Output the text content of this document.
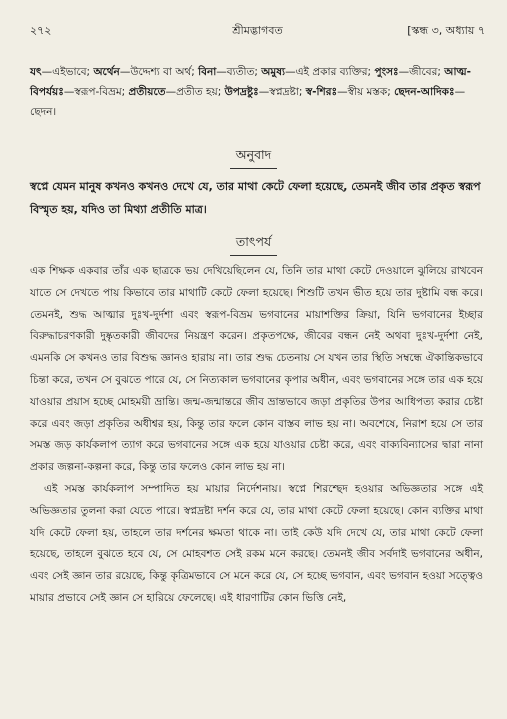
২৭২	শ্রীমদ্ভাগবত	[স্কন্ধ ৩, অধ্যায় ৭
যৎ—এইভাবে; অর্থেন—উদ্দেশ্য বা অর্থ; বিনা—ব্যতীত; অমুষ্য—এই প্রকার ব্যক্তির; পুংসঃ—জীবের; আত্ম-বিপর্যয়ঃ—স্বরূপ-বিভ্রম; প্রতীয়তে—প্রতীত হয়; উপদ্রষ্টুঃ—স্বপ্নদ্রষ্টা; স্ব-শিরঃ—স্বীয় মস্তক; ছেদন-আদিকঃ—ছেদন।
অনুবাদ
স্বপ্নে যেমন মানুষ কখনও কখনও দেখে যে, তার মাথা কেটে ফেলা হয়েছে, তেমনই জীব তার প্রকৃত স্বরূপ বিস্মৃত হয়, যদিও তা মিথ্যা প্রতীতি মাত্র।
তাৎপর্য

এক শিক্ষক একবার তাঁর এক ছাত্রকে ভয় দেখিয়েছিলেন যে, তিনি তার মাথা কেটে দেওয়ালে ঝুলিয়ে রাখবেন যাতে সে দেখতে পায় কিভাবে তার মাথাটি কেটে ফেলা হয়েছে। শিশুটি তখন ভীত হয়ে তার দুষ্টামি বন্ধ করে। তেমনই, শুদ্ধ আত্মার দুঃখ-দুর্দশা এবং স্বরূপ-বিভ্রম ভগবানের মায়াশক্তির ক্রিয়া, যিনি ভগবানের ইচ্ছার বিরুদ্ধাচরণকারী দুষ্কৃতকারী জীবদের নিয়ন্ত্রণ করেন। প্রকৃতপক্ষে, জীবের বন্ধন নেই অথবা দুঃখ-দুর্দশা নেই, এমনকি সে কখনও তার বিশুদ্ধ জ্ঞানও হারায় না। তার শুদ্ধ চেতনায় সে যখন তার স্থিতি সম্বন্ধে ঐকান্তিকভাবে চিন্তা করে, তখন সে বুঝতে পারে যে, সে নিত্যকাল ভগবানের কৃপার অধীন, এবং ভগবানের সঙ্গে তার এক হয়ে যাওয়ার প্রয়াস হচ্ছে মোহময়ী ভ্রান্তি। জন্ম-জন্মান্তরে জীব ভ্রান্তভাবে জড়া প্রকৃতির উপর আধিপত্য করার চেষ্টা করে এবং জড়া প্রকৃতির অধীশ্বর হয়, কিন্তু তার ফলে কোন বাস্তব লাভ হয় না। অবশেষে, নিরাশ হয়ে সে তার সমস্ত জড় কার্যকলাপ ত্যাগ করে ভগবানের সঙ্গে এক হয়ে যাওয়ার চেষ্টা করে, এবং বাক্যবিন্যাসের দ্বারা নানা প্রকার জল্পনা-কল্পনা করে, কিন্তু তার ফলেও কোন লাভ হয় না।

এই সমস্ত কার্যকলাপ সম্পাদিত হয় মায়ার নির্দেশনায়। স্বপ্নে শিরশ্ছেদ হওয়ার অভিজ্ঞতার সঙ্গে এই অভিজ্ঞতার তুলনা করা যেতে পারে। স্বপ্নদ্রষ্টা দর্শন করে যে, তার মাথা কেটে ফেলা হয়েছে। কোন ব্যক্তির মাথা যদি কেটে ফেলা হয়, তাহলে তার দর্শনের ক্ষমতা থাকে না। তাই কেউ যদি দেখে যে, তার মাথা কেটে ফেলা হয়েছে, তাহলে বুঝতে হবে যে, সে মোহবশত সেই রকম মনে করছে। তেমনই জীব সর্বদাই ভগবানের অধীন, এবং সেই জ্ঞান তার রয়েছে, কিন্তু কৃত্রিমভাবে সে মনে করে যে, সে হচ্ছে ভগবান, এবং ভগবান হওয়া সত্ত্বেও মায়ার প্রভাবে সেই জ্ঞান সে হারিয়ে ফেলেছে। এই ধারণাটির কোন ভিত্তি নেই,
